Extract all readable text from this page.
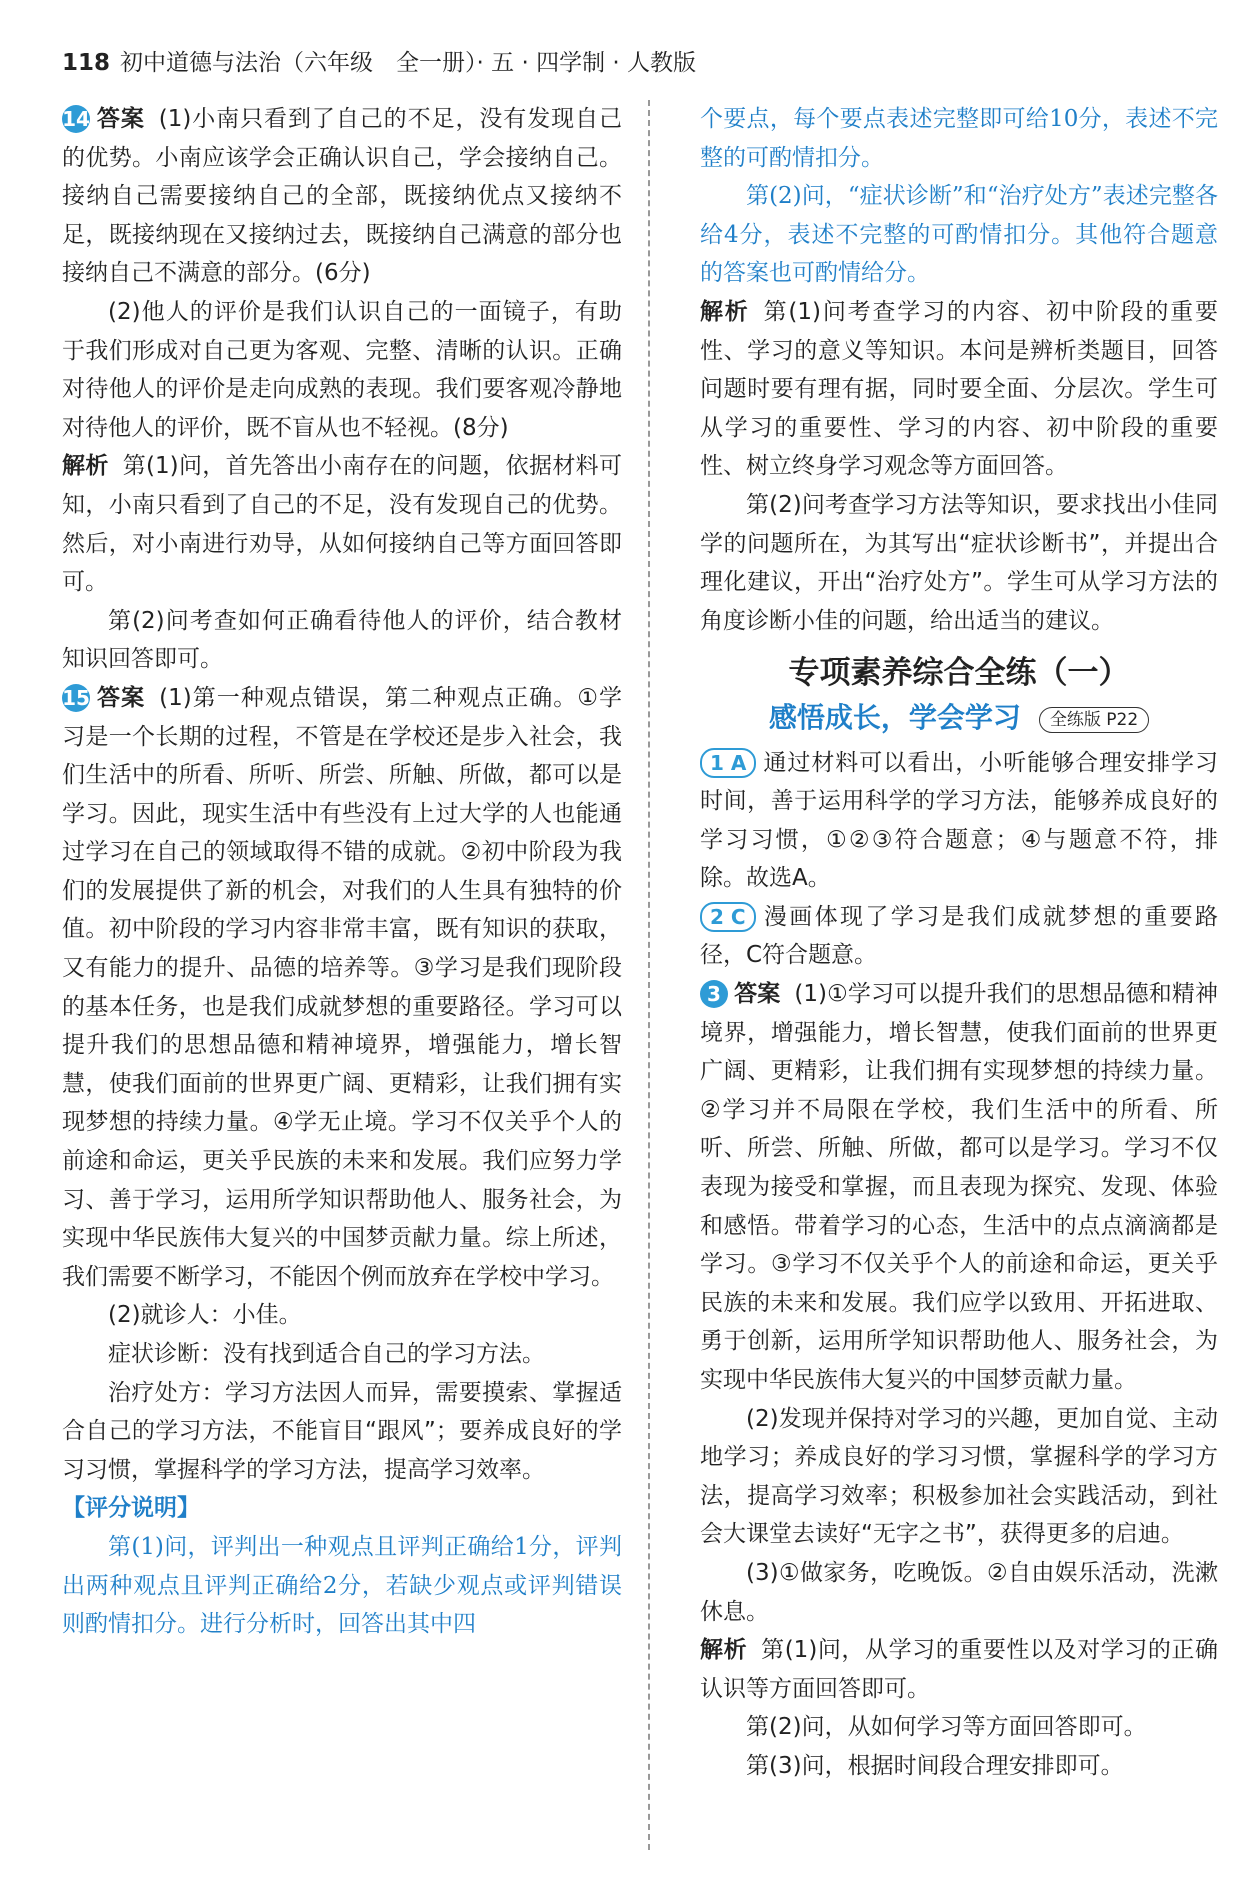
118 初中道德与法治（六年级　全一册）· 五 · 四学制 · 人教版

14 答案 (1)小南只看到了自己的不足，没有发现自己的优势。小南应该学会正确认识自己，学会接纳自己。接纳自己需要接纳自己的全部，既接纳优点又接纳不足，既接纳现在又接纳过去，既接纳自己满意的部分也接纳自己不满意的部分。(6分)

(2)他人的评价是我们认识自己的一面镜子，有助于我们形成对自己更为客观、完整、清晰的认识。正确对待他人的评价是走向成熟的表现。我们要客观冷静地对待他人的评价，既不盲从也不轻视。(8分)

解析 第(1)问，首先答出小南存在的问题，依据材料可知，小南只看到了自己的不足，没有发现自己的优势。然后，对小南进行劝导，从如何接纳自己等方面回答即可。

第(2)问考查如何正确看待他人的评价，结合教材知识回答即可。

15 答案 (1)第一种观点错误，第二种观点正确。①学习是一个长期的过程，不管是在学校还是步入社会，我们生活中的所看、所听、所尝、所触、所做，都可以是学习。因此，现实生活中有些没有上过大学的人也能通过学习在自己的领域取得不错的成就。②初中阶段为我们的发展提供了新的机会，对我们的人生具有独特的价值。初中阶段的学习内容非常丰富，既有知识的获取，又有能力的提升、品德的培养等。③学习是我们现阶段的基本任务，也是我们成就梦想的重要路径。学习可以提升我们的思想品德和精神境界，增强能力，增长智慧，使我们面前的世界更广阔、更精彩，让我们拥有实现梦想的持续力量。④学无止境。学习不仅关乎个人的前途和命运，更关乎民族的未来和发展。我们应努力学习、善于学习，运用所学知识帮助他人、服务社会，为实现中华民族伟大复兴的中国梦贡献力量。综上所述，我们需要不断学习，不能因个例而放弃在学校中学习。

(2)就诊人：小佳。

症状诊断：没有找到适合自己的学习方法。

治疗处方：学习方法因人而异，需要摸索、掌握适合自己的学习方法，不能盲目“跟风”；要养成良好的学习习惯，掌握科学的学习方法，提高学习效率。

【评分说明】

第(1)问，评判出一种观点且评判正确给1分，评判出两种观点且评判正确给2分，若缺少观点或评判错误则酌情扣分。进行分析时，回答出其中四

个要点，每个要点表述完整即可给10分，表述不完整的可酌情扣分。

第(2)问，“症状诊断”和“治疗处方”表述完整各给4分，表述不完整的可酌情扣分。其他符合题意的答案也可酌情给分。

解析 第(1)问考查学习的内容、初中阶段的重要性、学习的意义等知识。本问是辨析类题目，回答问题时要有理有据，同时要全面、分层次。学生可从学习的重要性、学习的内容、初中阶段的重要性、树立终身学习观念等方面回答。

第(2)问考查学习方法等知识，要求找出小佳同学的问题所在，为其写出“症状诊断书”，并提出合理化建议，开出“治疗处方”。学生可从学习方法的角度诊断小佳的问题，给出适当的建议。

专项素养综合全练（一）
感悟成长，学会学习 全练版 P22

1 A 通过材料可以看出，小听能够合理安排学习时间，善于运用科学的学习方法，能够养成良好的学习习惯，①②③符合题意；④与题意不符，排除。故选A。

2 C 漫画体现了学习是我们成就梦想的重要路径，C符合题意。

3 答案 (1)①学习可以提升我们的思想品德和精神境界，增强能力，增长智慧，使我们面前的世界更广阔、更精彩，让我们拥有实现梦想的持续力量。②学习并不局限在学校，我们生活中的所看、所听、所尝、所触、所做，都可以是学习。学习不仅表现为接受和掌握，而且表现为探究、发现、体验和感悟。带着学习的心态，生活中的点点滴滴都是学习。③学习不仅关乎个人的前途和命运，更关乎民族的未来和发展。我们应学以致用、开拓进取、勇于创新，运用所学知识帮助他人、服务社会，为实现中华民族伟大复兴的中国梦贡献力量。

(2)发现并保持对学习的兴趣，更加自觉、主动地学习；养成良好的学习习惯，掌握科学的学习方法，提高学习效率；积极参加社会实践活动，到社会大课堂去读好“无字之书”，获得更多的启迪。

(3)①做家务，吃晚饭。②自由娱乐活动，洗漱休息。

解析 第(1)问，从学习的重要性以及对学习的正确认识等方面回答即可。

第(2)问，从如何学习等方面回答即可。

第(3)问，根据时间段合理安排即可。
